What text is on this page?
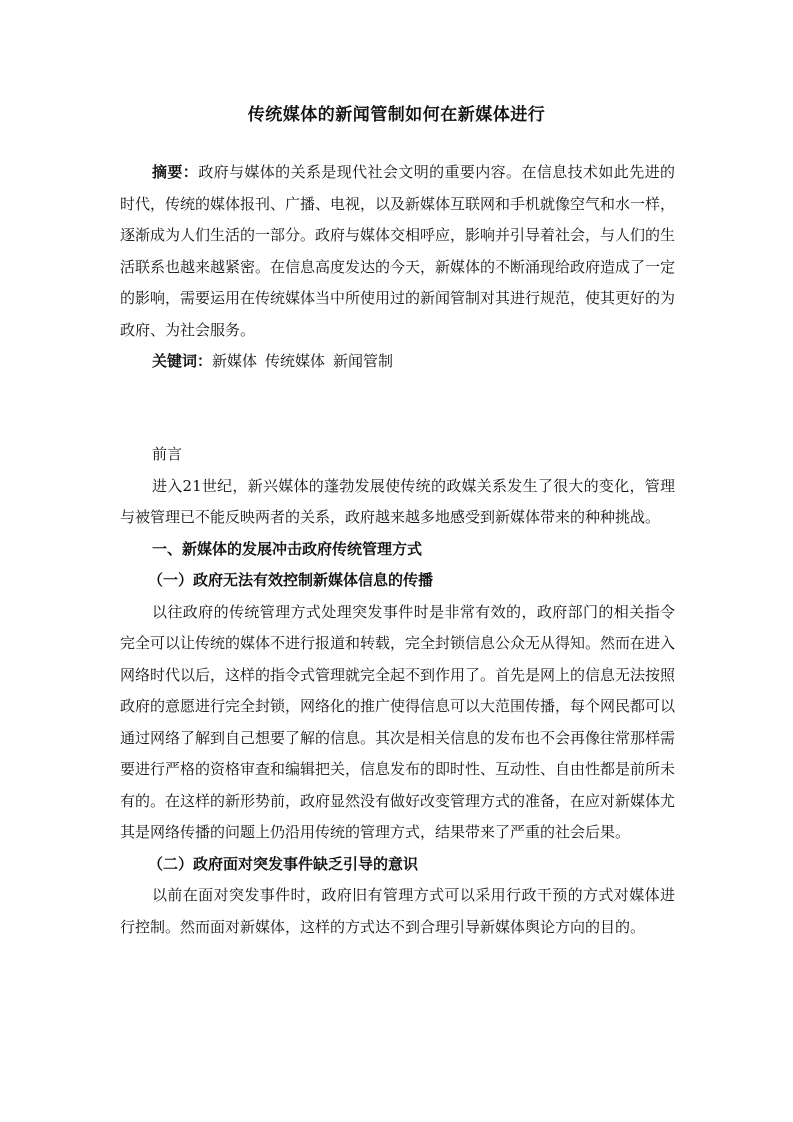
传统媒体的新闻管制如何在新媒体进行

摘要：政府与媒体的关系是现代社会文明的重要内容。在信息技术如此先进的时代，传统的媒体报刊、广播、电视，以及新媒体互联网和手机就像空气和水一样，逐渐成为人们生活的一部分。政府与媒体交相呼应，影响并引导着社会，与人们的生活联系也越来越紧密。在信息高度发达的今天，新媒体的不断涌现给政府造成了一定的影响，需要运用在传统媒体当中所使用过的新闻管制对其进行规范，使其更好的为政府、为社会服务。

关键词：新媒体 传统媒体 新闻管制

前言

进入21世纪，新兴媒体的蓬勃发展使传统的政媒关系发生了很大的变化，管理与被管理已不能反映两者的关系，政府越来越多地感受到新媒体带来的种种挑战。

一、新媒体的发展冲击政府传统管理方式

（一）政府无法有效控制新媒体信息的传播

以往政府的传统管理方式处理突发事件时是非常有效的，政府部门的相关指令完全可以让传统的媒体不进行报道和转载，完全封锁信息公众无从得知。然而在进入网络时代以后，这样的指令式管理就完全起不到作用了。首先是网上的信息无法按照政府的意愿进行完全封锁，网络化的推广使得信息可以大范围传播，每个网民都可以通过网络了解到自己想要了解的信息。其次是相关信息的发布也不会再像往常那样需要进行严格的资格审查和编辑把关，信息发布的即时性、互动性、自由性都是前所未有的。在这样的新形势前，政府显然没有做好改变管理方式的准备，在应对新媒体尤其是网络传播的问题上仍沿用传统的管理方式，结果带来了严重的社会后果。

（二）政府面对突发事件缺乏引导的意识

以前在面对突发事件时，政府旧有管理方式可以采用行政干预的方式对媒体进行控制。然而面对新媒体，这样的方式达不到合理引导新媒体舆论方向的目的。
